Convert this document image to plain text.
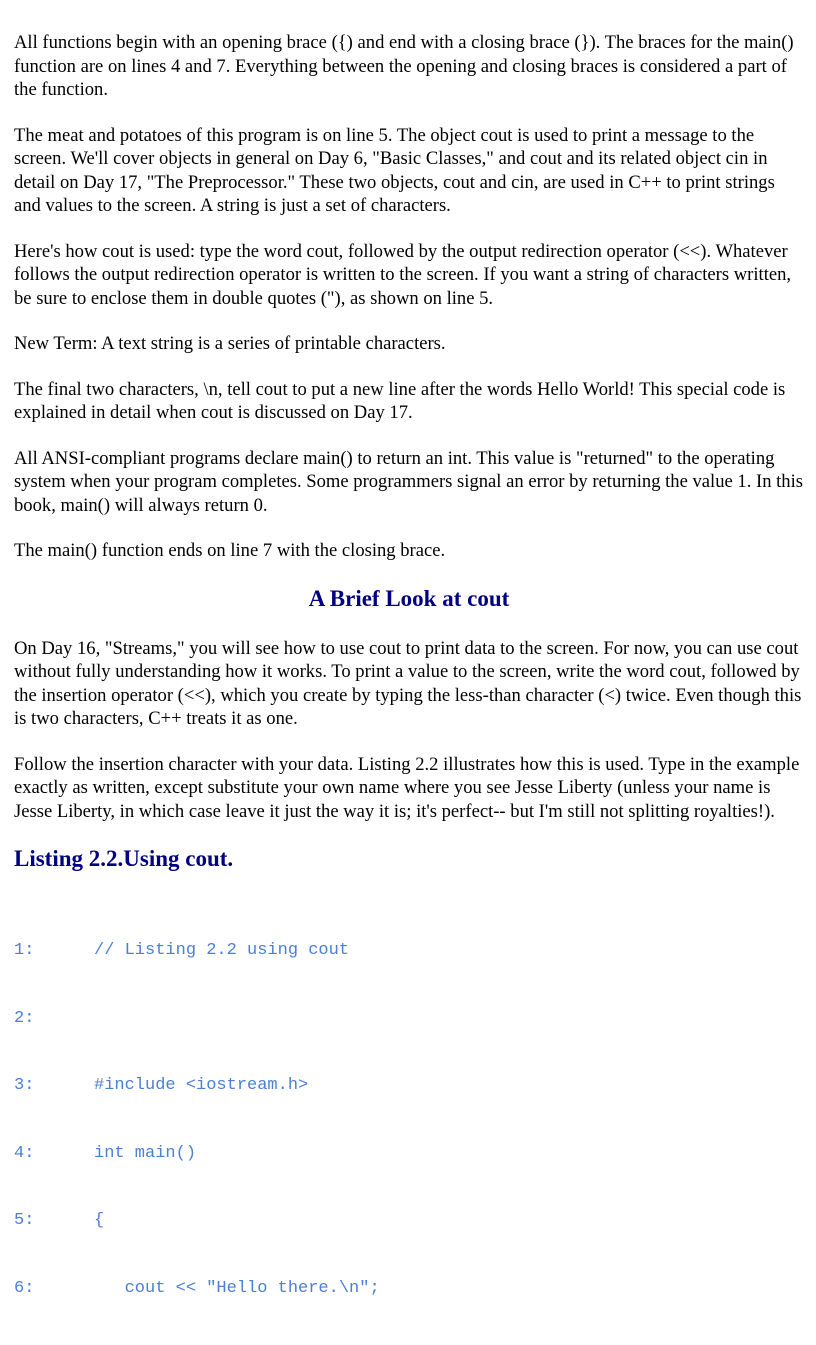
All functions begin with an opening brace ({) and end with a closing brace (}). The braces for the main() function are on lines 4 and 7. Everything between the opening and closing braces is considered a part of the function.

The meat and potatoes of this program is on line 5. The object cout is used to print a message to the screen. We'll cover objects in general on Day 6, "Basic Classes," and cout and its related object cin in detail on Day 17, "The Preprocessor." These two objects, cout and cin, are used in C++ to print strings and values to the screen. A string is just a set of characters.

Here's how cout is used: type the word cout, followed by the output redirection operator (<<). Whatever follows the output redirection operator is written to the screen. If you want a string of characters written, be sure to enclose them in double quotes ("), as shown on line 5.

New Term: A text string is a series of printable characters.

The final two characters, \n, tell cout to put a new line after the words Hello World! This special code is explained in detail when cout is discussed on Day 17.

All ANSI-compliant programs declare main() to return an int. This value is "returned" to the operating system when your program completes. Some programmers signal an error by returning the value 1. In this book, main() will always return 0.

The main() function ends on line 7 with the closing brace.

A Brief Look at cout

On Day 16, "Streams," you will see how to use cout to print data to the screen. For now, you can use cout without fully understanding how it works. To print a value to the screen, write the word cout, followed by the insertion operator (<<), which you create by typing the less-than character (<) twice. Even though this is two characters, C++ treats it as one.

Follow the insertion character with your data. Listing 2.2 illustrates how this is used. Type in the example exactly as written, except substitute your own name where you see Jesse Liberty (unless your name is Jesse Liberty, in which case leave it just the way it is; it's perfect-- but I'm still not splitting royalties!).

Listing 2.2.Using cout.

1:	// Listing 2.2 using cout

2:

3:	#include <iostream.h>

4:	int main()

5:	{

6:	cout << "Hello there.\n";
